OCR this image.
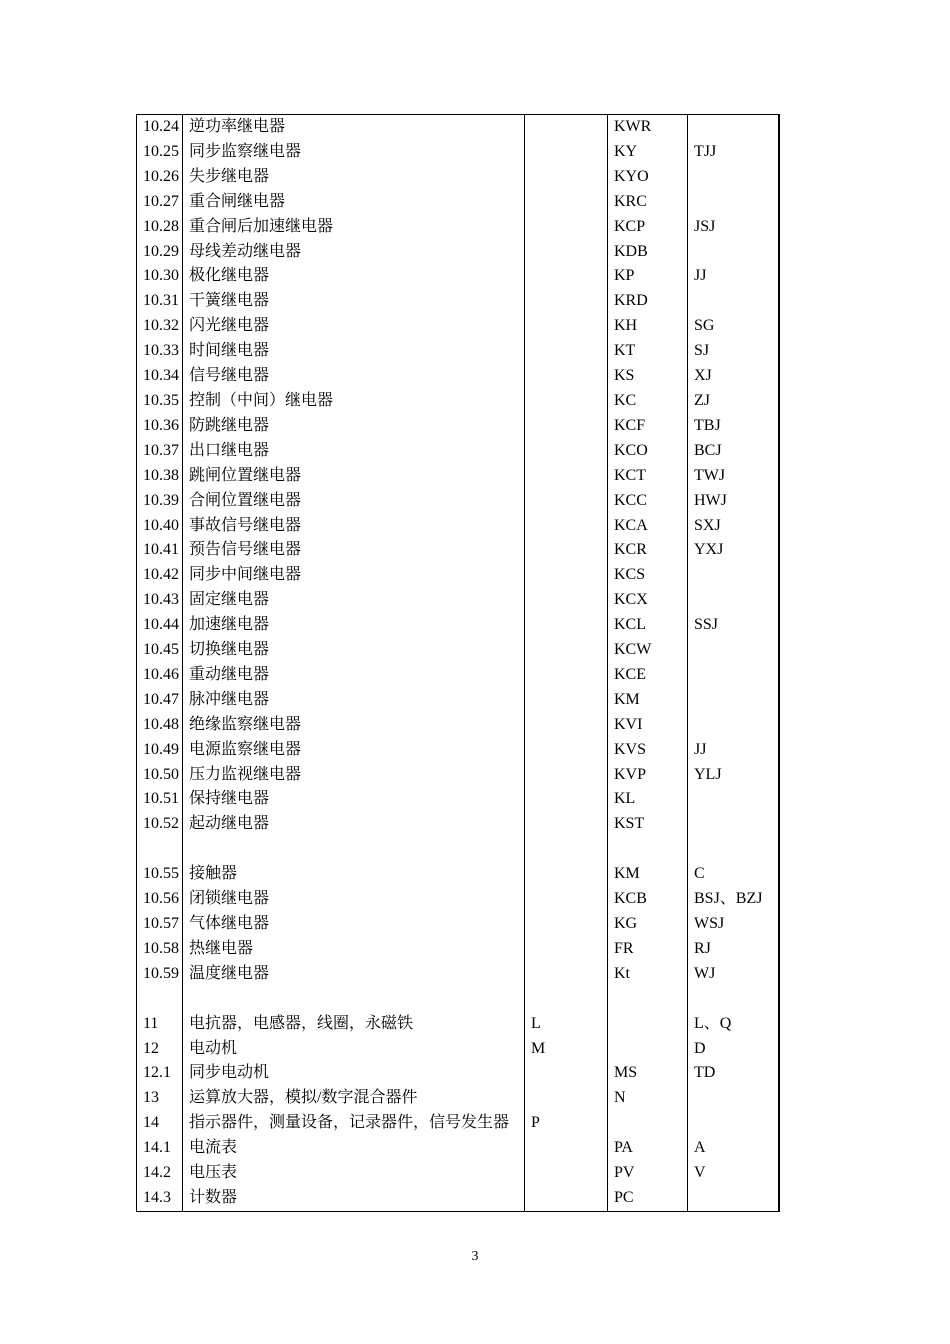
10.24	逆功率继电器		KWR	
10.25	同步监察继电器		KY	TJJ
10.26	失步继电器		KYO	
10.27	重合闸继电器		KRC	
10.28	重合闸后加速继电器		KCP	JSJ
10.29	母线差动继电器		KDB	
10.30	极化继电器		KP	JJ
10.31	干簧继电器		KRD	
10.32	闪光继电器		KH	SG
10.33	时间继电器		KT	SJ
10.34	信号继电器		KS	XJ
10.35	控制（中间）继电器		KC	ZJ
10.36	防跳继电器		KCF	TBJ
10.37	出口继电器		KCO	BCJ
10.38	跳闸位置继电器		KCT	TWJ
10.39	合闸位置继电器		KCC	HWJ
10.40	事故信号继电器		KCA	SXJ
10.41	预告信号继电器		KCR	YXJ
10.42	同步中间继电器		KCS	
10.43	固定继电器		KCX	
10.44	加速继电器		KCL	SSJ
10.45	切换继电器		KCW	
10.46	重动继电器		KCE	
10.47	脉冲继电器		KM	
10.48	绝缘监察继电器		KVI	
10.49	电源监察继电器		KVS	JJ
10.50	压力监视继电器		KVP	YLJ
10.51	保持继电器		KL	
10.52	起动继电器		KST	

10.55	接触器		KM	C
10.56	闭锁继电器		KCB	BSJ、BZJ
10.57	气体继电器		KG	WSJ
10.58	热继电器		FR	RJ
10.59	温度继电器		Kt	WJ

11	电抗器，电感器，线圈，永磁铁	L		L、Q
12	电动机	M		D
12.1	同步电动机		MS	TD
13	运算放大器，模拟/数字混合器件		N	
14	指示器件，测量设备，记录器件，信号发生器	P		
14.1	电流表		PA	A
14.2	电压表		PV	V
14.3	计数器		PC	
3
